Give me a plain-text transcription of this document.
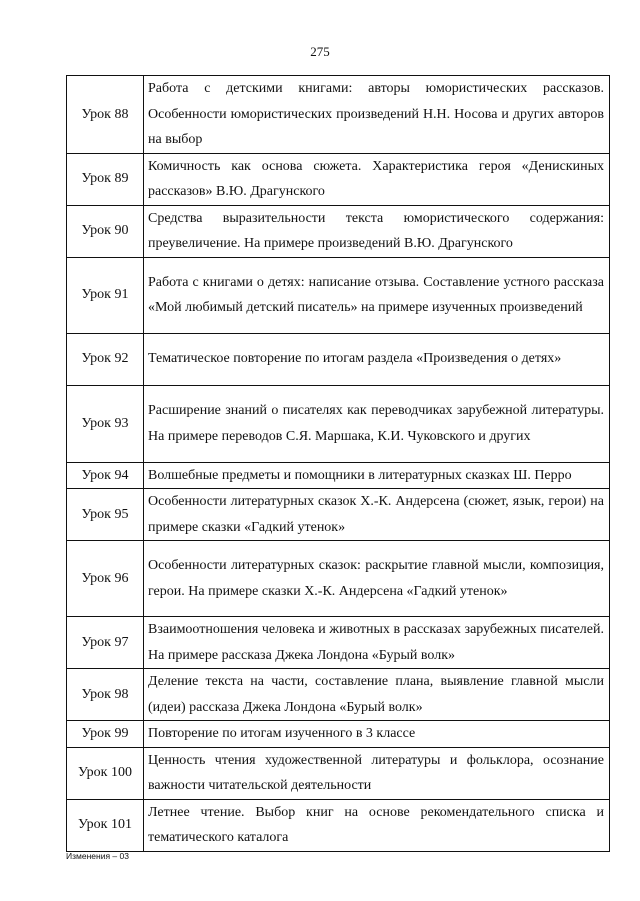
275
Урок 88	Работа с детскими книгами: авторы юмористических рассказов. Особенности юмористических произведений Н.Н. Носова и других авторов на выбор
Урок 89	Комичность как основа сюжета. Характеристика героя «Денискиных рассказов» В.Ю. Драгунского
Урок 90	Средства выразительности текста юмористического содержания: преувеличение. На примере произведений В.Ю. Драгунского
Урок 91	Работа с книгами о детях: написание отзыва. Составление устного рассказа «Мой любимый детский писатель» на примере изученных произведений
Урок 92	Тематическое повторение по итогам раздела «Произведения о детях»
Урок 93	Расширение знаний о писателях как переводчиках зарубежной литературы. На примере переводов С.Я. Маршака, К.И. Чуковского и других
Урок 94	Волшебные предметы и помощники в литературных сказках Ш. Перро
Урок 95	Особенности литературных сказок Х.-К. Андерсена (сюжет, язык, герои) на примере сказки «Гадкий утенок»
Урок 96	Особенности литературных сказок: раскрытие главной мысли, композиция, герои. На примере сказки Х.-К. Андерсена «Гадкий утенок»
Урок 97	Взаимоотношения человека и животных в рассказах зарубежных писателей. На примере рассказа Джека Лондона «Бурый волк»
Урок 98	Деление текста на части, составление плана, выявление главной мысли (идеи) рассказа Джека Лондона «Бурый волк»
Урок 99	Повторение по итогам изученного в 3 классе
Урок 100	Ценность чтения художественной литературы и фольклора, осознание важности читательской деятельности
Урок 101	Летнее чтение. Выбор книг на основе рекомендательного списка и тематического каталога
Изменения – 03
